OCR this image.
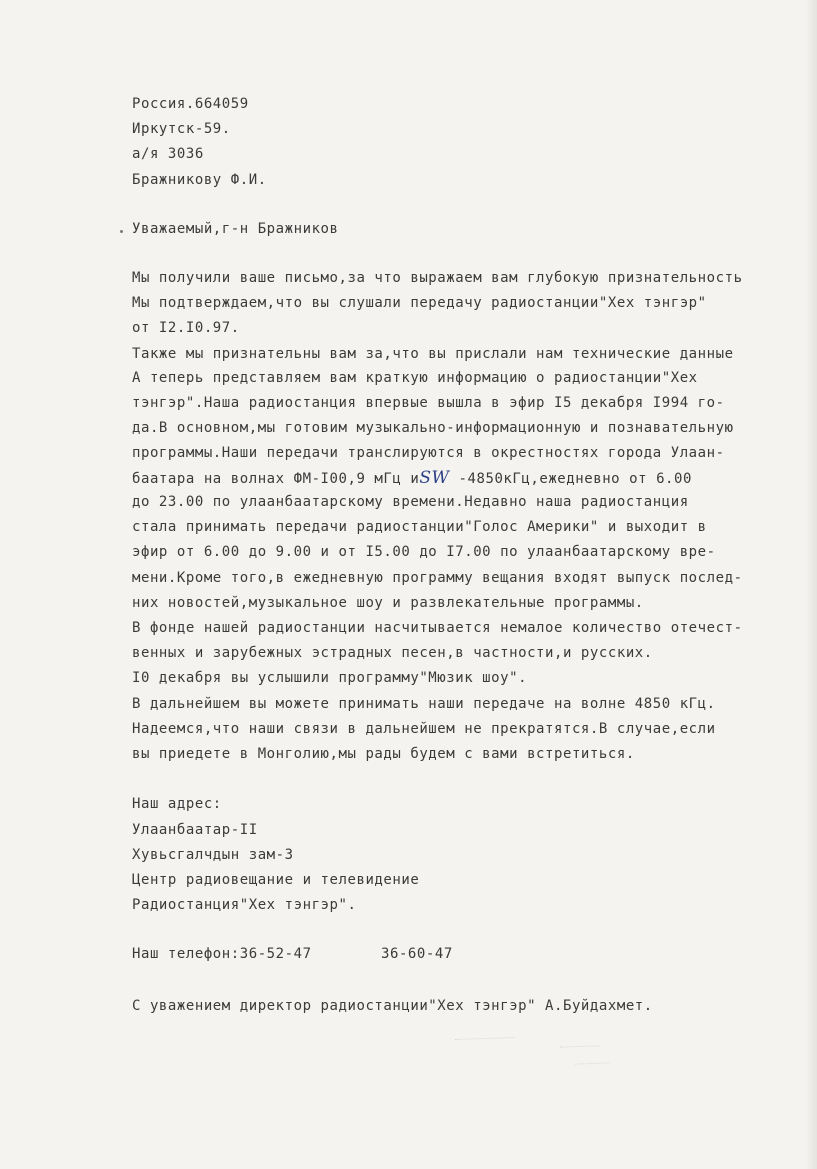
Россия.664059
Иркутск-59.
а/я 3036
Бражникову Ф.И.
Уважаемый,г-н Бражников
Мы получили ваше письмо,за что выражаем вам глубокую признательность
Мы подтверждаем,что вы слушали передачу радиостанции"Хех тэнгэр"
от I2.I0.97.
Также мы признательны вам за,что вы прислали нам технические данные
А теперь представляем вам краткую информацию о радиостанции"Хех
тэнгэр".Наша радиостанция впервые вышла в эфир I5 декабря I994 го-
да.В основном,мы готовим музыкально-информационную и познавательную
программы.Наши передачи транслируются в окрестностях города Улаан-
баатара на волнах ФМ-I00,9 мГц иSW -4850кГц,ежедневно от 6.00
до 23.00 по улаанбаатарскому времени.Недавно наша радиостанция
стала принимать передачи радиостанции"Голос Америки" и выходит в
эфир от 6.00 до 9.00 и от I5.00 до I7.00 по улаанбаатарскому вре-
мени.Кроме того,в ежедневную программу вещания входят выпуск послед-
них новостей,музыкальное шоу и развлекательные программы.
В фонде нашей радиостанции насчитывается немалое количество отечест-
венных и зарубежных эстрадных песен,в частности,и русских.
I0 декабря вы услышили программу"Мюзик шоу".
В дальнейшем вы можете принимать наши передаче на волне 4850 кГц.
Надеемся,что наши связи в дальнейшем не прекратятся.В случае,если
вы приедете в Монголию,мы рады будем с вами встретиться.
Наш адрес:
Улаанбаатар-II
Хувьсгалчдын зам-3
Центр радиовещание и телевидение
Радиостанция"Хех тэнгэр".
Наш телефон:36-52-47	36-60-47
С уважением директор радиостанции"Хех тэнгэр" А.Буйдахмет.
